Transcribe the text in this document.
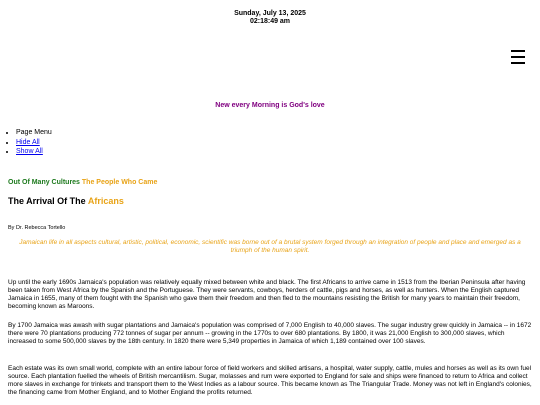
Sunday, July 13, 2025
02:18:49 am
New every Morning is God's love
• Page Menu
• Hide All
• Show All
Out Of Many Cultures The People Who Came
The Arrival Of The Africans
By Dr. Rebecca Tortello
Jamaican life in all aspects cultural, artistic, political, economic, scientific was borne out of a brutal system forged through an integration of people and place and emerged as a triumph of the human spirit.

Up until the early 1690s Jamaica's population was relatively equally mixed between white and black. The first Africans to arrive came in 1513 from the Iberian Peninsula after having been taken from West Africa by the Spanish and the Portuguese. They were servants, cowboys, herders of cattle, pigs and horses, as well as hunters. When the English captured Jamaica in 1655, many of them fought with the Spanish who gave them their freedom and then fled to the mountains resisting the British for many years to maintain their freedom, becoming known as Maroons.

By 1700 Jamaica was awash with sugar plantations and Jamaica's population was comprised of 7,000 English to 40,000 slaves. The sugar industry grew quickly in Jamaica -- in 1672 there were 70 plantations producing 772 tonnes of sugar per annum -- growing in the 1770s to over 680 plantations. By 1800, it was 21,000 English to 300,000 slaves, which increased to some 500,000 slaves by the 18th century. In 1820 there were 5,349 properties in Jamaica of which 1,189 contained over 100 slaves.

Each estate was its own small world, complete with an entire labour force of field workers and skilled artisans, a hospital, water supply, cattle, mules and horses as well as its own fuel source. Each plantation fuelled the wheels of British mercantilism. Sugar, molasses and rum were exported to England for sale and ships were financed to return to Africa and collect more slaves in exchange for trinkets and transport them to the West Indies as a labour source. This became known as The Triangular Trade. Money was not left in England's colonies, the financing came from Mother England, and to Mother England the profits returned.
